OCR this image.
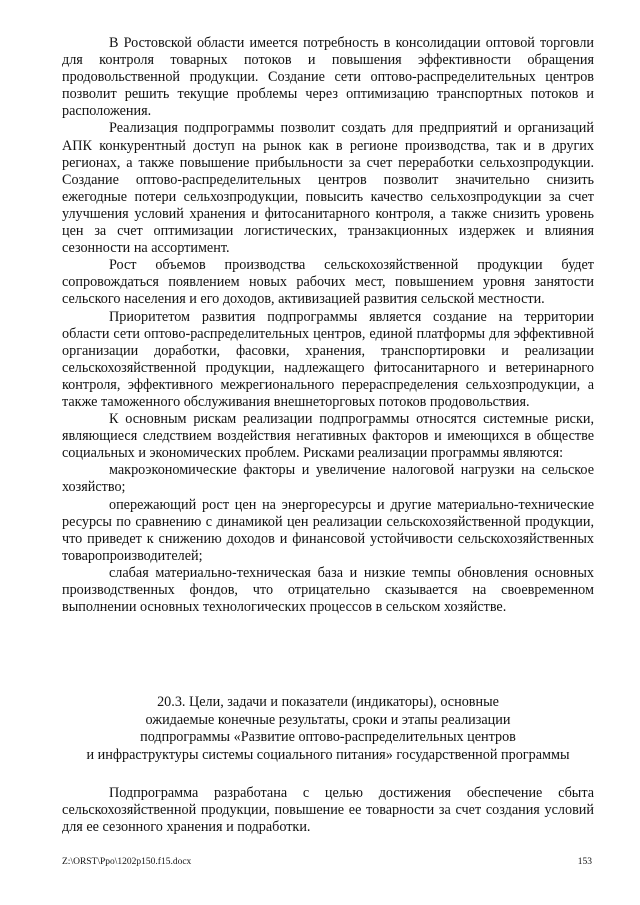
В Ростовской области имеется потребность в консолидации оптовой торговли для контроля товарных потоков и повышения эффективности обращения продовольственной продукции. Создание сети оптово-распределительных центров позволит решить текущие проблемы через оптимизацию транспортных потоков и расположения.

Реализация подпрограммы позволит создать для предприятий и организаций АПК конкурентный доступ на рынок как в регионе производства, так и в других регионах, а также повышение прибыльности за счет переработки сельхозпродукции. Создание оптово-распределительных центров позволит значительно снизить ежегодные потери сельхозпродукции, повысить качество сельхозпродукции за счет улучшения условий хранения и фитосанитарного контроля, а также снизить уровень цен за счет оптимизации логистических, транзакционных издержек и влияния сезонности на ассортимент.

Рост объемов производства сельскохозяйственной продукции будет сопровождаться появлением новых рабочих мест, повышением уровня занятости сельского населения и его доходов, активизацией развития сельской местности.

Приоритетом развития подпрограммы является создание на территории области сети оптово-распределительных центров, единой платформы для эффективной организации доработки, фасовки, хранения, транспортировки и реализации сельскохозяйственной продукции, надлежащего фитосанитарного и ветеринарного контроля, эффективного межрегионального перераспределения сельхозпродукции, а также таможенного обслуживания внешнеторговых потоков продовольствия.

К основным рискам реализации подпрограммы относятся системные риски, являющиеся следствием воздействия негативных факторов и имеющихся в обществе социальных и экономических проблем. Рисками реализации программы являются:

макроэкономические факторы и увеличение налоговой нагрузки на сельское хозяйство;

опережающий рост цен на энергоресурсы и другие материально-технические ресурсы по сравнению с динамикой цен реализации сельскохозяйственной продукции, что приведет к снижению доходов и финансовой устойчивости сельскохозяйственных товаропроизводителей;

слабая материально-техническая база и низкие темпы обновления основных производственных фондов, что отрицательно сказывается на своевременном выполнении основных технологических процессов в сельском хозяйстве.

20.3. Цели, задачи и показатели (индикаторы), основные
ожидаемые конечные результаты, сроки и этапы реализации
подпрограммы «Развитие оптово-распределительных центров
и инфраструктуры системы социального питания» государственной программы

Подпрограмма разработана с целью достижения обеспечение сбыта сельскохозяйственной продукции, повышение ее товарности за счет создания условий для ее сезонного хранения и подработки.

Z:\ORST\Ppo\1202p150.f15.docx	153
